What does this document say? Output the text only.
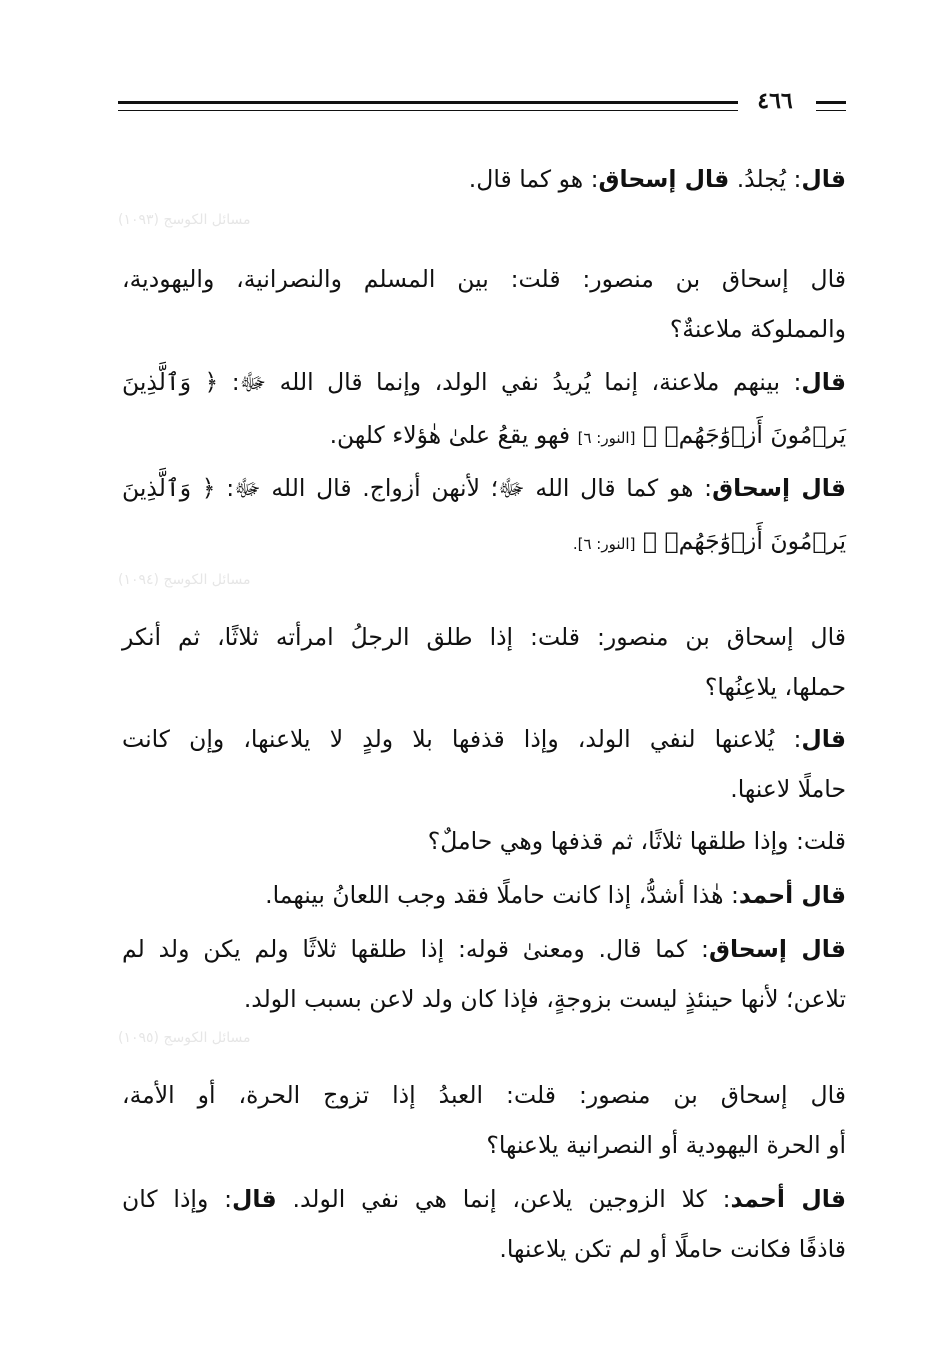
٤٦٦
قال: يُجلدُ. قال إسحاق: هو كما قال.
مسائل الكوسج (١٠٩٣)
قال إسحاق بن منصور: قلت: بين المسلم والنصرانية، واليهودية،
والمملوكة ملاعنةٌ؟
قال: بينهم ملاعنة، إنما يُريدُ نفي الولد، وإنما قال الله ﷻ: ﴿ وَٱلَّذِينَ
يَرۡمُونَ أَزۡوَٰجَهُمۡ ﴾ [النور: ٦] فهو يقعُ علىٰ هٰؤلاء كلهن.
قال إسحاق: هو كما قال الله ﷻ؛ لأنهن أزواج. قال الله ﷻ: ﴿ وَٱلَّذِينَ
يَرۡمُونَ أَزۡوَٰجَهُمۡ ﴾ [النور: ٦].
مسائل الكوسج (١٠٩٤)
قال إسحاق بن منصور: قلت: إذا طلق الرجلُ امرأته ثلاثًا، ثم أنكر
حملها، يلاعِنُها؟
قال: يُلاعنها لنفي الولد، وإذا قذفها بلا ولدٍ لا يلاعنها، وإن كانت
حاملًا لاعنها.
قلت: وإذا طلقها ثلاثًا، ثم قذفها وهي حاملٌ؟
قال أحمد: هٰذا أشدُّ، إذا كانت حاملًا فقد وجب اللعانُ بينهما.
قال إسحاق: كما قال. ومعنىٰ قوله: إذا طلقها ثلاثًا ولم يكن ولد لم
تلاعن؛ لأنها حينئذٍ ليست بزوجةٍ، فإذا كان ولد لاعن بسبب الولد.
مسائل الكوسج (١٠٩٥)
قال إسحاق بن منصور: قلت: العبدُ إذا تزوج الحرة، أو الأمة،
أو الحرة اليهودية أو النصرانية يلاعنها؟
قال أحمد: كلا الزوجين يلاعن، إنما هي نفي الولد. قال: وإذا كان
قاذفًا فكانت حاملًا أو لم تكن يلاعنها.
